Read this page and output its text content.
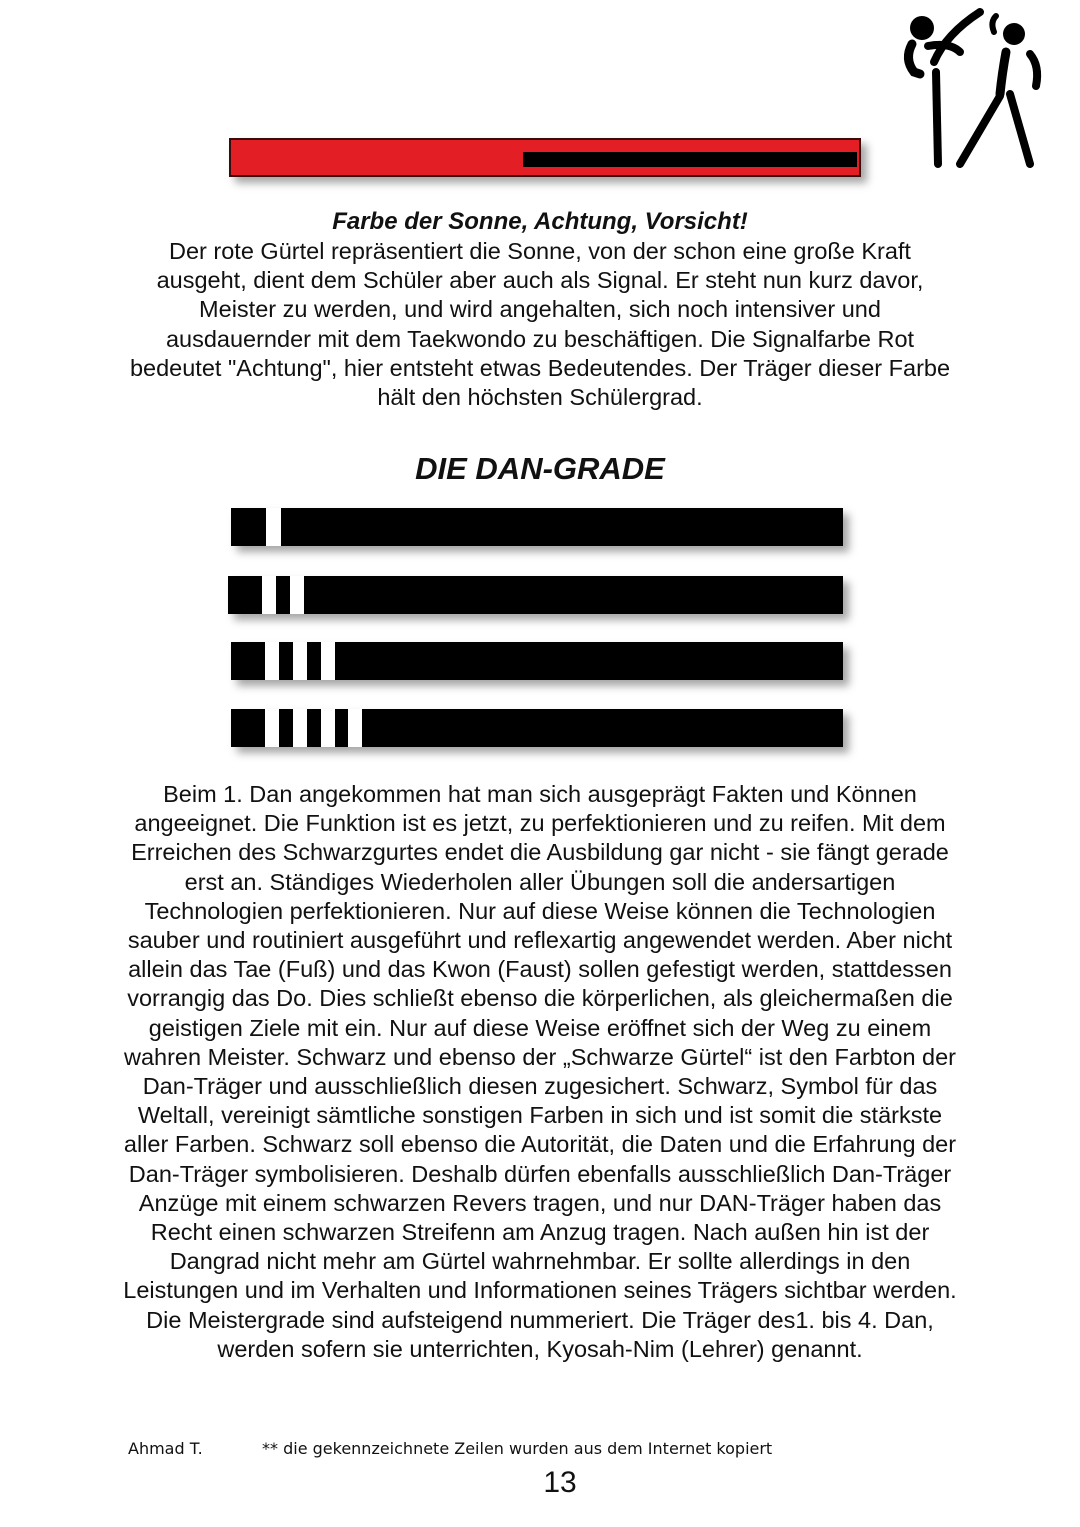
Farbe der Sonne, Achtung, Vorsicht!

Der rote Gürtel repräsentiert die Sonne, von der schon eine große Kraft ausgeht, dient dem Schüler aber auch als Signal. Er steht nun kurz davor, Meister zu werden, und wird angehalten, sich noch intensiver und ausdauernder mit dem Taekwondo zu beschäftigen. Die Signalfarbe Rot bedeutet "Achtung", hier entsteht etwas Bedeutendes. Der Träger dieser Farbe hält den höchsten Schülergrad.

DIE DAN-GRADE

Beim 1. Dan angekommen hat man sich ausgeprägt Fakten und Können angeeignet. Die Funktion ist es jetzt, zu perfektionieren und zu reifen. Mit dem Erreichen des Schwarzgurtes endet die Ausbildung gar nicht - sie fängt gerade erst an. Ständiges Wiederholen aller Übungen soll die andersartigen Technologien perfektionieren. Nur auf diese Weise können die Technologien sauber und routiniert ausgeführt und reflexartig angewendet werden. Aber nicht allein das Tae (Fuß) und das Kwon (Faust) sollen gefestigt werden, stattdessen vorrangig das Do. Dies schließt ebenso die körperlichen, als gleichermaßen die geistigen Ziele mit ein. Nur auf diese Weise eröffnet sich der Weg zu einem wahren Meister. Schwarz und ebenso der „Schwarze Gürtel“ ist den Farbton der Dan-Träger und ausschließlich diesen zugesichert. Schwarz, Symbol für das Weltall, vereinigt sämtliche sonstigen Farben in sich und ist somit die stärkste aller Farben. Schwarz soll ebenso die Autorität, die Daten und die Erfahrung der Dan-Träger symbolisieren. Deshalb dürfen ebenfalls ausschließlich Dan-Träger Anzüge mit einem schwarzen Revers tragen, und nur DAN-Träger haben das Recht einen schwarzen Streifenn am Anzug tragen. Nach außen hin ist der Dangrad nicht mehr am Gürtel wahrnehmbar. Er sollte allerdings in den Leistungen und im Verhalten und Informationen seines Trägers sichtbar werden. Die Meistergrade sind aufsteigend nummeriert. Die Träger des1. bis 4. Dan, werden sofern sie unterrichten, Kyosah-Nim (Lehrer) genannt.

Ahmad T.	** die gekennzeichnete Zeilen wurden aus dem Internet kopiert
13
